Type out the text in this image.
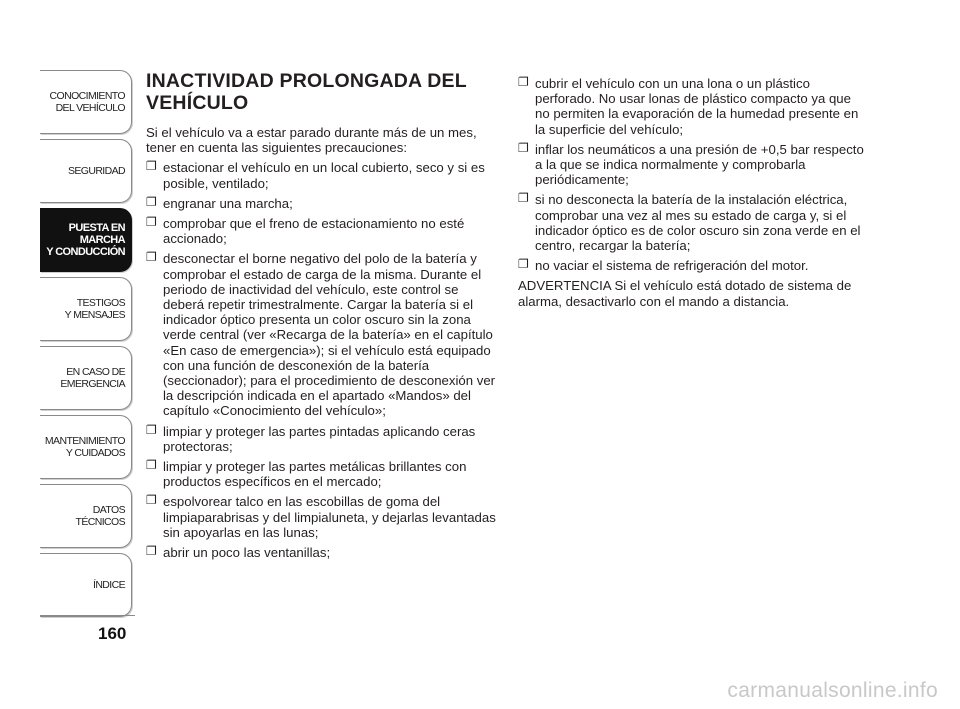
CONOCIMIENTO
DEL VEHÍCULO
SEGURIDAD
PUESTA EN
MARCHA
Y CONDUCCIÓN
TESTIGOS
Y MENSAJES
EN CASO DE
EMERGENCIA
MANTENIMIENTO
Y CUIDADOS
DATOS
TÉCNICOS
ÍNDICE
160
INACTIVIDAD PROLONGADA DEL VEHÍCULO

Si el vehículo va a estar parado durante más de un mes, tener en cuenta las siguientes precauciones:

❐ estacionar el vehículo en un local cubierto, seco y si es posible, ventilado;
❐ engranar una marcha;
❐ comprobar que el freno de estacionamiento no esté accionado;
❐ desconectar el borne negativo del polo de la batería y comprobar el estado de carga de la misma. Durante el periodo de inactividad del vehículo, este control se deberá repetir trimestralmente. Cargar la batería si el indicador óptico presenta un color oscuro sin la zona verde central (ver «Recarga de la batería» en el capítulo «En caso de emergencia»); si el vehículo está equipado con una función de desconexión de la batería (seccionador); para el procedimiento de desconexión ver la descripción indicada en el apartado «Mandos» del capítulo «Conocimiento del vehículo»;
❐ limpiar y proteger las partes pintadas aplicando ceras protectoras;
❐ limpiar y proteger las partes metálicas brillantes con productos específicos en el mercado;
❐ espolvorear talco en las escobillas de goma del limpiaparabrisas y del limpialuneta, y dejarlas levantadas sin apoyarlas en las lunas;
❐ abrir un poco las ventanillas;
❐ cubrir el vehículo con un una lona o un plástico perforado. No usar lonas de plástico compacto ya que no permiten la evaporación de la humedad presente en la superficie del vehículo;
❐ inflar los neumáticos a una presión de +0,5 bar respecto a la que se indica normalmente y comprobarla periódicamente;
❐ si no desconecta la batería de la instalación eléctrica, comprobar una vez al mes su estado de carga y, si el indicador óptico es de color oscuro sin zona verde en el centro, recargar la batería;
❐ no vaciar el sistema de refrigeración del motor.

ADVERTENCIA Si el vehículo está dotado de sistema de alarma, desactivarlo con el mando a distancia.

carmanualsonline.info
